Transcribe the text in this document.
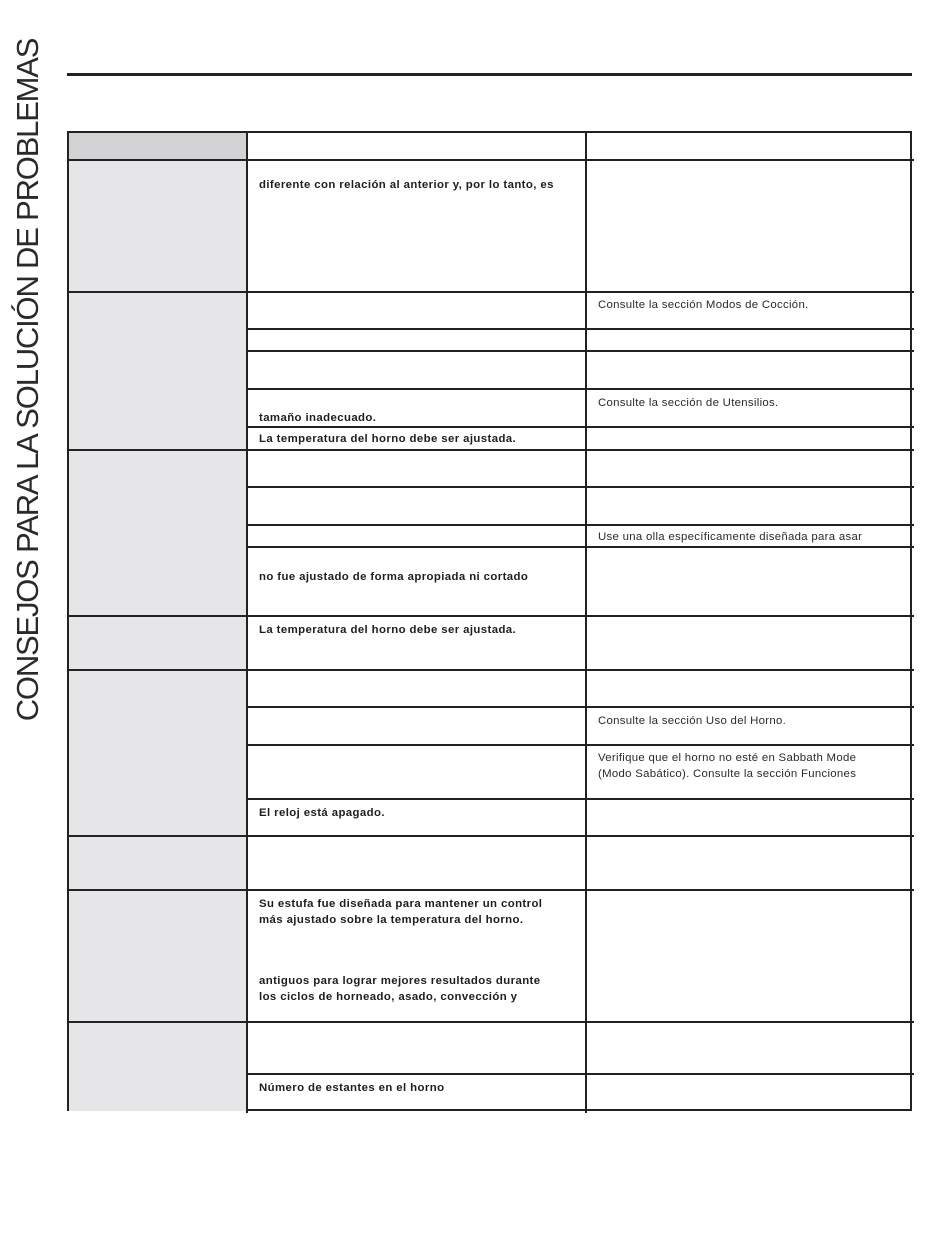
CONSEJOS PARA LA SOLUCIÓN DE PROBLEMAS	diferente con relación al anterior y, por lo tanto, es
Consulte la sección Modos de Cocción.
tamaño inadecuado.
Consulte la sección de Utensilios.
La temperatura del horno debe ser ajustada.
Use una olla específicamente diseñada para asar
no fue ajustado de forma apropiada ni cortado
La temperatura del horno debe ser ajustada.
Consulte la sección Uso del Horno.
Verifique que el horno no esté en Sabbath Mode
(Modo Sabático). Consulte la sección Funciones
El reloj está apagado.
Su estufa fue diseñada para mantener un control
más ajustado sobre la temperatura del horno.
antiguos para lograr mejores resultados durante
los ciclos de horneado, asado, convección y
Número de estantes en el horno
